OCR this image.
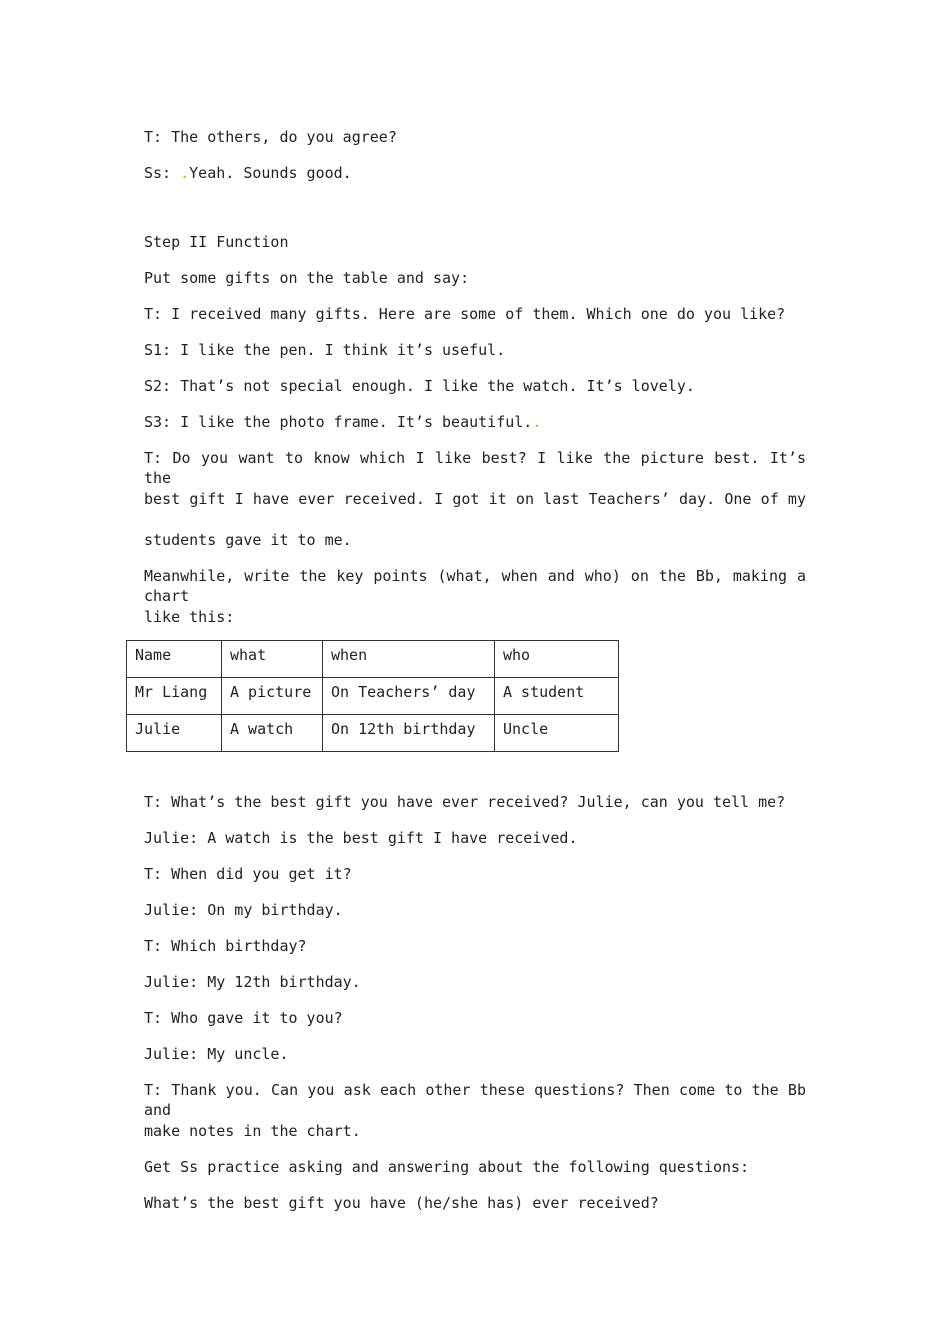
T: The others, do you agree?
Ss: .Yeah. Sounds good.
Step II Function
Put some gifts on the table and say:
T: I received many gifts. Here are some of them. Which one do you like?
S1: I like the pen. I think it’s useful.
S2: That’s not special enough. I like the watch. It’s lovely.
S3: I like the photo frame. It’s beautiful..
T: Do you want to know which I like best? I like the picture best. It’s the
best gift I have ever received. I got it on last Teachers’ day. One of my
students gave it to me.
Meanwhile, write the key points (what, when and who) on the Bb, making a chart
like this:
Name	what	when	who
Mr Liang	A picture	On Teachers’ day	A student
Julie	A watch	On 12th birthday	Uncle
T: What’s the best gift you have ever received? Julie, can you tell me?
Julie: A watch is the best gift I have received.
T: When did you get it?
Julie: On my birthday.
T: Which birthday?
Julie: My 12th birthday.
T: Who gave it to you?
Julie: My uncle.
T: Thank you. Can you ask each other these questions? Then come to the Bb and
make notes in the chart.
Get Ss practice asking and answering about the following questions:
What’s the best gift you have (he/she has) ever received?
